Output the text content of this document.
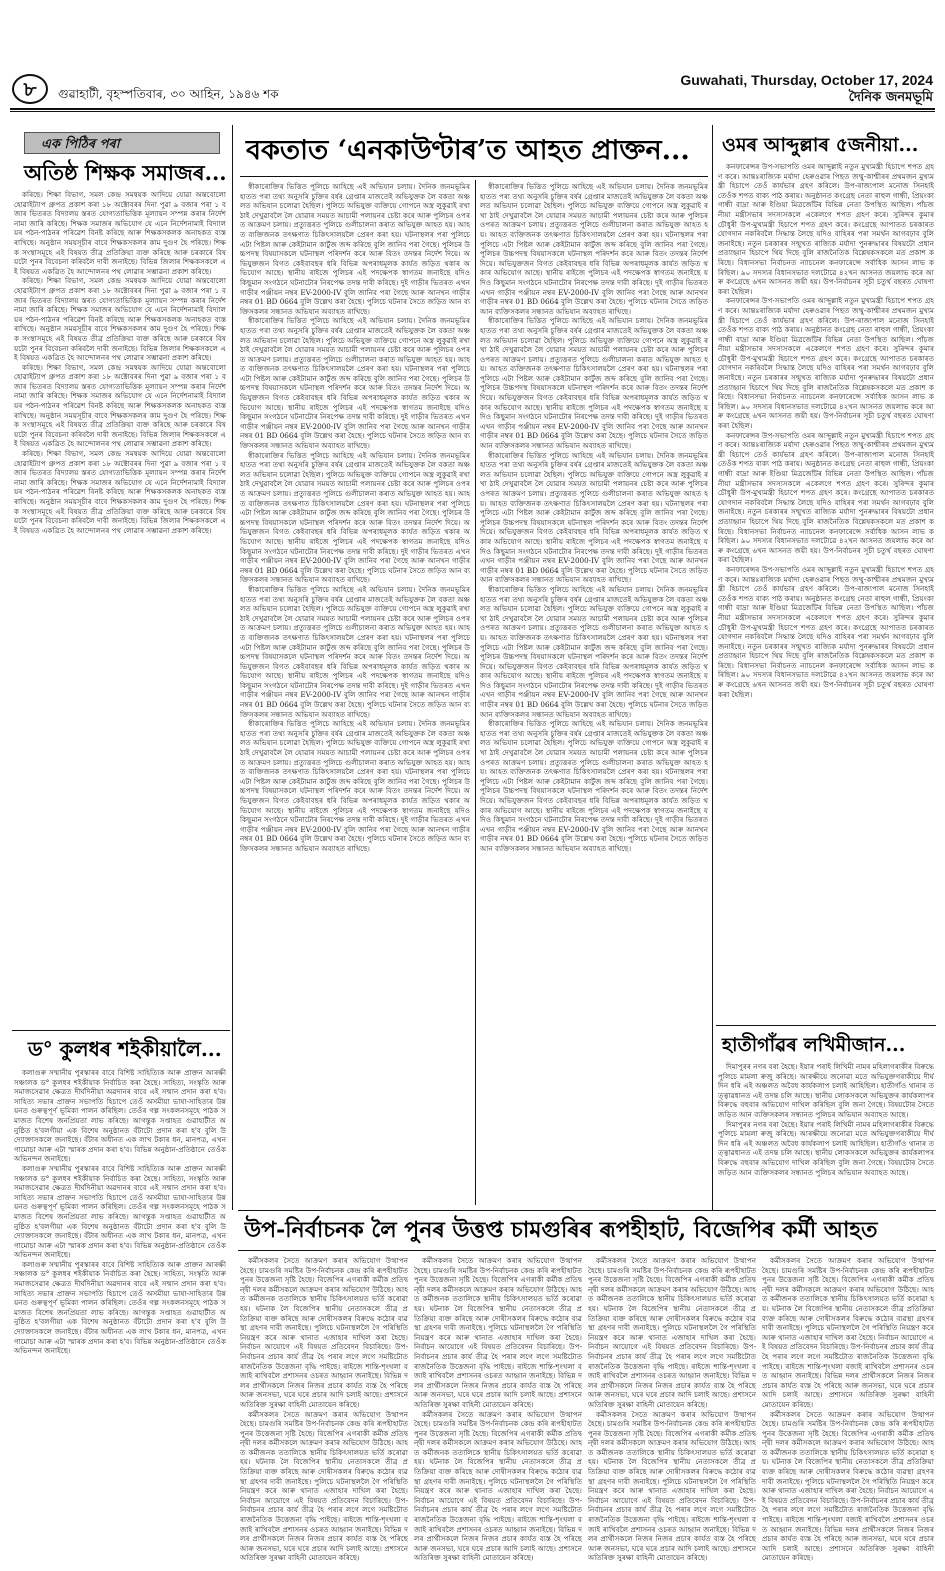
৮	গুৱাহাটী, বৃহস্পতিবাৰ, ৩০ আহিন, ১৯৪৬ শক
Guwahati, Thursday, October 17, 2024
দৈনিক জনমভূমি
এক পিঠিৰ পৰা
অতিষ্ঠ শিক্ষক সমাজৰ...

কৰিছে। শিক্ষা বিভাগ, সমল কেন্দ্ৰ সমন্বয়ক আদিয়ে যোৱা অন্তবোলো হোৱাইট্যাপ গ্ৰুপত প্ৰকাশ কৰা ১৮ অক্টোবৰৰ দিনা পুৱা ৯ বজাৰ পৰা ১ বজাৰ ভিতৰত বিদ্যালয় স্তৰত যোগ্যতাভিত্তিক মূল্যায়ন সম্পন্ন কৰাৰ নিৰ্দেশনামা জাৰি কৰিছে। শিক্ষক সমাজৰ অভিযোগ যে এনে নিৰ্দেশনামাই বিদ্যালয়ৰ পঠন-পাঠনৰ পৰিৱেশ বিনষ্ট কৰিছে আৰু শিক্ষকসকলক অনাহকত ব্যস্ত ৰাখিছে। অনুষ্ঠান সময়সূচীৰ বাবে শিক্ষকসকলৰ কাম দুগুণ হৈ পৰিছে। শিক্ষক সংস্থাসমূহে এই বিষয়ত তীব্ৰ প্ৰতিক্ৰিয়া ব্যক্ত কৰিছে আৰু চৰকাৰে বিষয়টো পুনৰ বিবেচনা কৰিবলৈ দাবী জনাইছে। বিভিন্ন জিলাৰ শিক্ষকসকলে এই বিষয়ত একত্ৰিত হৈ আন্দোলনৰ পথ লোৱাৰ সম্ভাৱনা প্ৰকাশ কৰিছে।

কৰিছে। শিক্ষা বিভাগ, সমল কেন্দ্ৰ সমন্বয়ক আদিয়ে যোৱা অন্তবোলো হোৱাইট্যাপ গ্ৰুপত প্ৰকাশ কৰা ১৮ অক্টোবৰৰ দিনা পুৱা ৯ বজাৰ পৰা ১ বজাৰ ভিতৰত বিদ্যালয় স্তৰত যোগ্যতাভিত্তিক মূল্যায়ন সম্পন্ন কৰাৰ নিৰ্দেশনামা জাৰি কৰিছে। শিক্ষক সমাজৰ অভিযোগ যে এনে নিৰ্দেশনামাই বিদ্যালয়ৰ পঠন-পাঠনৰ পৰিৱেশ বিনষ্ট কৰিছে আৰু শিক্ষকসকলক অনাহকত ব্যস্ত ৰাখিছে। অনুষ্ঠান সময়সূচীৰ বাবে শিক্ষকসকলৰ কাম দুগুণ হৈ পৰিছে। শিক্ষক সংস্থাসমূহে এই বিষয়ত তীব্ৰ প্ৰতিক্ৰিয়া ব্যক্ত কৰিছে আৰু চৰকাৰে বিষয়টো পুনৰ বিবেচনা কৰিবলৈ দাবী জনাইছে। বিভিন্ন জিলাৰ শিক্ষকসকলে এই বিষয়ত একত্ৰিত হৈ আন্দোলনৰ পথ লোৱাৰ সম্ভাৱনা প্ৰকাশ কৰিছে।

কৰিছে। শিক্ষা বিভাগ, সমল কেন্দ্ৰ সমন্বয়ক আদিয়ে যোৱা অন্তবোলো হোৱাইট্যাপ গ্ৰুপত প্ৰকাশ কৰা ১৮ অক্টোবৰৰ দিনা পুৱা ৯ বজাৰ পৰা ১ বজাৰ ভিতৰত বিদ্যালয় স্তৰত যোগ্যতাভিত্তিক মূল্যায়ন সম্পন্ন কৰাৰ নিৰ্দেশনামা জাৰি কৰিছে। শিক্ষক সমাজৰ অভিযোগ যে এনে নিৰ্দেশনামাই বিদ্যালয়ৰ পঠন-পাঠনৰ পৰিৱেশ বিনষ্ট কৰিছে আৰু শিক্ষকসকলক অনাহকত ব্যস্ত ৰাখিছে। অনুষ্ঠান সময়সূচীৰ বাবে শিক্ষকসকলৰ কাম দুগুণ হৈ পৰিছে। শিক্ষক সংস্থাসমূহে এই বিষয়ত তীব্ৰ প্ৰতিক্ৰিয়া ব্যক্ত কৰিছে আৰু চৰকাৰে বিষয়টো পুনৰ বিবেচনা কৰিবলৈ দাবী জনাইছে। বিভিন্ন জিলাৰ শিক্ষকসকলে এই বিষয়ত একত্ৰিত হৈ আন্দোলনৰ পথ লোৱাৰ সম্ভাৱনা প্ৰকাশ কৰিছে।

কৰিছে। শিক্ষা বিভাগ, সমল কেন্দ্ৰ সমন্বয়ক আদিয়ে যোৱা অন্তবোলো হোৱাইট্যাপ গ্ৰুপত প্ৰকাশ কৰা ১৮ অক্টোবৰৰ দিনা পুৱা ৯ বজাৰ পৰা ১ বজাৰ ভিতৰত বিদ্যালয় স্তৰত যোগ্যতাভিত্তিক মূল্যায়ন সম্পন্ন কৰাৰ নিৰ্দেশনামা জাৰি কৰিছে। শিক্ষক সমাজৰ অভিযোগ যে এনে নিৰ্দেশনামাই বিদ্যালয়ৰ পঠন-পাঠনৰ পৰিৱেশ বিনষ্ট কৰিছে আৰু শিক্ষকসকলক অনাহকত ব্যস্ত ৰাখিছে। অনুষ্ঠান সময়সূচীৰ বাবে শিক্ষকসকলৰ কাম দুগুণ হৈ পৰিছে। শিক্ষক সংস্থাসমূহে এই বিষয়ত তীব্ৰ প্ৰতিক্ৰিয়া ব্যক্ত কৰিছে আৰু চৰকাৰে বিষয়টো পুনৰ বিবেচনা কৰিবলৈ দাবী জনাইছে। বিভিন্ন জিলাৰ শিক্ষকসকলে এই বিষয়ত একত্ৰিত হৈ আন্দোলনৰ পথ লোৱাৰ সম্ভাৱনা প্ৰকাশ কৰিছে।

ড° কুলধৰ শইকীয়ালৈ...

কলাগুৰু সম্মানীয় পুৰস্কাৰৰ বাবে বিশিষ্ট সাহিত্যিক আৰু প্ৰাক্তন আৰক্ষী সঞ্চালক ড° কুলধৰ শইকীয়াক নিৰ্বাচিত কৰা হৈছে। সাহিত্য, সংস্কৃতি আৰু সমাজসেৱাৰ ক্ষেত্ৰত দীৰ্ঘদিনীয়া অৱদানৰ বাবে এই সন্মান প্ৰদান কৰা হ'ব। সাহিত্য সভাৰ প্ৰাক্তন সভাপতি হিচাপে তেওঁ অসমীয়া ভাষা-সাহিত্যৰ উন্নয়নত গুৰুত্বপূৰ্ণ ভূমিকা পালন কৰিছিল। তেওঁৰ গল্প সংকলনসমূহে পাঠক সমাজত বিশেষ জনপ্ৰিয়তা লাভ কৰিছে। আগন্তুক সপ্তাহত গুৱাহাটীত অনুষ্ঠিত হ'বলগীয়া এক বিশেষ অনুষ্ঠানত বঁটাটো প্ৰদান কৰা হ'ব বুলি উদ্যোক্তাসকলে জনাইছে। বঁটাৰ অধীনত এক লাখ টকাৰ ধন, মানপত্ৰ, এখন গামোচা আৰু এটা স্মাৰক প্ৰদান কৰা হ'ব। বিভিন্ন অনুষ্ঠান-প্ৰতিষ্ঠানে তেওঁক অভিনন্দন জনাইছে।

কলাগুৰু সম্মানীয় পুৰস্কাৰৰ বাবে বিশিষ্ট সাহিত্যিক আৰু প্ৰাক্তন আৰক্ষী সঞ্চালক ড° কুলধৰ শইকীয়াক নিৰ্বাচিত কৰা হৈছে। সাহিত্য, সংস্কৃতি আৰু সমাজসেৱাৰ ক্ষেত্ৰত দীৰ্ঘদিনীয়া অৱদানৰ বাবে এই সন্মান প্ৰদান কৰা হ'ব। সাহিত্য সভাৰ প্ৰাক্তন সভাপতি হিচাপে তেওঁ অসমীয়া ভাষা-সাহিত্যৰ উন্নয়নত গুৰুত্বপূৰ্ণ ভূমিকা পালন কৰিছিল। তেওঁৰ গল্প সংকলনসমূহে পাঠক সমাজত বিশেষ জনপ্ৰিয়তা লাভ কৰিছে। আগন্তুক সপ্তাহত গুৱাহাটীত অনুষ্ঠিত হ'বলগীয়া এক বিশেষ অনুষ্ঠানত বঁটাটো প্ৰদান কৰা হ'ব বুলি উদ্যোক্তাসকলে জনাইছে। বঁটাৰ অধীনত এক লাখ টকাৰ ধন, মানপত্ৰ, এখন গামোচা আৰু এটা স্মাৰক প্ৰদান কৰা হ'ব। বিভিন্ন অনুষ্ঠান-প্ৰতিষ্ঠানে তেওঁক অভিনন্দন জনাইছে।

কলাগুৰু সম্মানীয় পুৰস্কাৰৰ বাবে বিশিষ্ট সাহিত্যিক আৰু প্ৰাক্তন আৰক্ষী সঞ্চালক ড° কুলধৰ শইকীয়াক নিৰ্বাচিত কৰা হৈছে। সাহিত্য, সংস্কৃতি আৰু সমাজসেৱাৰ ক্ষেত্ৰত দীৰ্ঘদিনীয়া অৱদানৰ বাবে এই সন্মান প্ৰদান কৰা হ'ব। সাহিত্য সভাৰ প্ৰাক্তন সভাপতি হিচাপে তেওঁ অসমীয়া ভাষা-সাহিত্যৰ উন্নয়নত গুৰুত্বপূৰ্ণ ভূমিকা পালন কৰিছিল। তেওঁৰ গল্প সংকলনসমূহে পাঠক সমাজত বিশেষ জনপ্ৰিয়তা লাভ কৰিছে। আগন্তুক সপ্তাহত গুৱাহাটীত অনুষ্ঠিত হ'বলগীয়া এক বিশেষ অনুষ্ঠানত বঁটাটো প্ৰদান কৰা হ'ব বুলি উদ্যোক্তাসকলে জনাইছে। বঁটাৰ অধীনত এক লাখ টকাৰ ধন, মানপত্ৰ, এখন গামোচা আৰু এটা স্মাৰক প্ৰদান কৰা হ'ব। বিভিন্ন অনুষ্ঠান-প্ৰতিষ্ঠানে তেওঁক অভিনন্দন জনাইছে।

বকতাত ‘এনকাউণ্টাৰ’ত আহত প্ৰাক্তন...

স্বীকাৰোক্তিৰ ভিত্তিত পুলিচে আহিছে এই অভিযান চলায়। দৈনিক জনমভূমিৰ হাতত পৰা তথ্য অনুসৰি চুক্তিৰ বৰ্ষৰ গ্ৰেপ্তাৰ মাজতেই অভিযুক্তক লৈ বকতা অঞ্চলত অভিযান চলোৱা হৈছিল। পুলিচে অভিযুক্ত ব্যক্তিয়ে গোপনে অস্ত্ৰ লুকুৱাই ৰখা ঠাই দেখুৱাবলৈ লৈ যোৱাৰ সময়ত আচামী পলায়নৰ চেষ্টা কৰে আৰু পুলিচৰ ওপৰত আক্ৰমণ চলায়। প্ৰত্যুত্তৰত পুলিচে গুলীচালনা কৰাত অভিযুক্ত আহত হয়। আহত ব্যক্তিজনক তৎক্ষণাত চিকিৎসালয়লৈ প্ৰেৰণ কৰা হয়। ঘটনাস্থলৰ পৰা পুলিচে এটা পিষ্টল আৰু কেইটামান কাৰ্টুজ জব্দ কৰিছে বুলি জানিব পৰা গৈছে। পুলিচৰ উচ্চপদস্থ বিষয়াসকলে ঘটনাস্থল পৰিদৰ্শন কৰে আৰু বিতং তদন্তৰ নিৰ্দেশ দিয়ে। অভিযুক্তজন বিগত কেইবাবছৰ ধৰি বিভিন্ন অপৰাধমূলক কাৰ্যত জড়িত থকাৰ অভিযোগ আছে। স্থানীয় ৰাইজে পুলিচৰ এই পদক্ষেপক স্বাগতম জনাইছে যদিও কিছুমান সংগঠনে ঘটনাটোৰ নিৰপেক্ষ তদন্ত দাবী কৰিছে। দুই গাড়ীৰ ভিতৰত এখন গাড়ীৰ পঞ্জীয়ন নম্বৰ EV-2000-IV বুলি জানিব পৰা গৈছে আৰু আনখন গাড়ীৰ নম্বৰ 01 BD 0664 বুলি উল্লেখ কৰা হৈছে। পুলিচে ঘটনাৰ সৈতে জড়িত আন ব্যক্তিসকলৰ সন্ধানত অভিযান অব্যাহত ৰাখিছে।

স্বীকাৰোক্তিৰ ভিত্তিত পুলিচে আহিছে এই অভিযান চলায়। দৈনিক জনমভূমিৰ হাতত পৰা তথ্য অনুসৰি চুক্তিৰ বৰ্ষৰ গ্ৰেপ্তাৰ মাজতেই অভিযুক্তক লৈ বকতা অঞ্চলত অভিযান চলোৱা হৈছিল। পুলিচে অভিযুক্ত ব্যক্তিয়ে গোপনে অস্ত্ৰ লুকুৱাই ৰখা ঠাই দেখুৱাবলৈ লৈ যোৱাৰ সময়ত আচামী পলায়নৰ চেষ্টা কৰে আৰু পুলিচৰ ওপৰত আক্ৰমণ চলায়। প্ৰত্যুত্তৰত পুলিচে গুলীচালনা কৰাত অভিযুক্ত আহত হয়। আহত ব্যক্তিজনক তৎক্ষণাত চিকিৎসালয়লৈ প্ৰেৰণ কৰা হয়। ঘটনাস্থলৰ পৰা পুলিচে এটা পিষ্টল আৰু কেইটামান কাৰ্টুজ জব্দ কৰিছে বুলি জানিব পৰা গৈছে। পুলিচৰ উচ্চপদস্থ বিষয়াসকলে ঘটনাস্থল পৰিদৰ্শন কৰে আৰু বিতং তদন্তৰ নিৰ্দেশ দিয়ে। অভিযুক্তজন বিগত কেইবাবছৰ ধৰি বিভিন্ন অপৰাধমূলক কাৰ্যত জড়িত থকাৰ অভিযোগ আছে। স্থানীয় ৰাইজে পুলিচৰ এই পদক্ষেপক স্বাগতম জনাইছে যদিও কিছুমান সংগঠনে ঘটনাটোৰ নিৰপেক্ষ তদন্ত দাবী কৰিছে। দুই গাড়ীৰ ভিতৰত এখন গাড়ীৰ পঞ্জীয়ন নম্বৰ EV-2000-IV বুলি জানিব পৰা গৈছে আৰু আনখন গাড়ীৰ নম্বৰ 01 BD 0664 বুলি উল্লেখ কৰা হৈছে। পুলিচে ঘটনাৰ সৈতে জড়িত আন ব্যক্তিসকলৰ সন্ধানত অভিযান অব্যাহত ৰাখিছে।

স্বীকাৰোক্তিৰ ভিত্তিত পুলিচে আহিছে এই অভিযান চলায়। দৈনিক জনমভূমিৰ হাতত পৰা তথ্য অনুসৰি চুক্তিৰ বৰ্ষৰ গ্ৰেপ্তাৰ মাজতেই অভিযুক্তক লৈ বকতা অঞ্চলত অভিযান চলোৱা হৈছিল। পুলিচে অভিযুক্ত ব্যক্তিয়ে গোপনে অস্ত্ৰ লুকুৱাই ৰখা ঠাই দেখুৱাবলৈ লৈ যোৱাৰ সময়ত আচামী পলায়নৰ চেষ্টা কৰে আৰু পুলিচৰ ওপৰত আক্ৰমণ চলায়। প্ৰত্যুত্তৰত পুলিচে গুলীচালনা কৰাত অভিযুক্ত আহত হয়। আহত ব্যক্তিজনক তৎক্ষণাত চিকিৎসালয়লৈ প্ৰেৰণ কৰা হয়। ঘটনাস্থলৰ পৰা পুলিচে এটা পিষ্টল আৰু কেইটামান কাৰ্টুজ জব্দ কৰিছে বুলি জানিব পৰা গৈছে। পুলিচৰ উচ্চপদস্থ বিষয়াসকলে ঘটনাস্থল পৰিদৰ্শন কৰে আৰু বিতং তদন্তৰ নিৰ্দেশ দিয়ে। অভিযুক্তজন বিগত কেইবাবছৰ ধৰি বিভিন্ন অপৰাধমূলক কাৰ্যত জড়িত থকাৰ অভিযোগ আছে। স্থানীয় ৰাইজে পুলিচৰ এই পদক্ষেপক স্বাগতম জনাইছে যদিও কিছুমান সংগঠনে ঘটনাটোৰ নিৰপেক্ষ তদন্ত দাবী কৰিছে। দুই গাড়ীৰ ভিতৰত এখন গাড়ীৰ পঞ্জীয়ন নম্বৰ EV-2000-IV বুলি জানিব পৰা গৈছে আৰু আনখন গাড়ীৰ নম্বৰ 01 BD 0664 বুলি উল্লেখ কৰা হৈছে। পুলিচে ঘটনাৰ সৈতে জড়িত আন ব্যক্তিসকলৰ সন্ধানত অভিযান অব্যাহত ৰাখিছে।

স্বীকাৰোক্তিৰ ভিত্তিত পুলিচে আহিছে এই অভিযান চলায়। দৈনিক জনমভূমিৰ হাতত পৰা তথ্য অনুসৰি চুক্তিৰ বৰ্ষৰ গ্ৰেপ্তাৰ মাজতেই অভিযুক্তক লৈ বকতা অঞ্চলত অভিযান চলোৱা হৈছিল। পুলিচে অভিযুক্ত ব্যক্তিয়ে গোপনে অস্ত্ৰ লুকুৱাই ৰখা ঠাই দেখুৱাবলৈ লৈ যোৱাৰ সময়ত আচামী পলায়নৰ চেষ্টা কৰে আৰু পুলিচৰ ওপৰত আক্ৰমণ চলায়। প্ৰত্যুত্তৰত পুলিচে গুলীচালনা কৰাত অভিযুক্ত আহত হয়। আহত ব্যক্তিজনক তৎক্ষণাত চিকিৎসালয়লৈ প্ৰেৰণ কৰা হয়। ঘটনাস্থলৰ পৰা পুলিচে এটা পিষ্টল আৰু কেইটামান কাৰ্টুজ জব্দ কৰিছে বুলি জানিব পৰা গৈছে। পুলিচৰ উচ্চপদস্থ বিষয়াসকলে ঘটনাস্থল পৰিদৰ্শন কৰে আৰু বিতং তদন্তৰ নিৰ্দেশ দিয়ে। অভিযুক্তজন বিগত কেইবাবছৰ ধৰি বিভিন্ন অপৰাধমূলক কাৰ্যত জড়িত থকাৰ অভিযোগ আছে। স্থানীয় ৰাইজে পুলিচৰ এই পদক্ষেপক স্বাগতম জনাইছে যদিও কিছুমান সংগঠনে ঘটনাটোৰ নিৰপেক্ষ তদন্ত দাবী কৰিছে। দুই গাড়ীৰ ভিতৰত এখন গাড়ীৰ পঞ্জীয়ন নম্বৰ EV-2000-IV বুলি জানিব পৰা গৈছে আৰু আনখন গাড়ীৰ নম্বৰ 01 BD 0664 বুলি উল্লেখ কৰা হৈছে। পুলিচে ঘটনাৰ সৈতে জড়িত আন ব্যক্তিসকলৰ সন্ধানত অভিযান অব্যাহত ৰাখিছে।

স্বীকাৰোক্তিৰ ভিত্তিত পুলিচে আহিছে এই অভিযান চলায়। দৈনিক জনমভূমিৰ হাতত পৰা তথ্য অনুসৰি চুক্তিৰ বৰ্ষৰ গ্ৰেপ্তাৰ মাজতেই অভিযুক্তক লৈ বকতা অঞ্চলত অভিযান চলোৱা হৈছিল। পুলিচে অভিযুক্ত ব্যক্তিয়ে গোপনে অস্ত্ৰ লুকুৱাই ৰখা ঠাই দেখুৱাবলৈ লৈ যোৱাৰ সময়ত আচামী পলায়নৰ চেষ্টা কৰে আৰু পুলিচৰ ওপৰত আক্ৰমণ চলায়। প্ৰত্যুত্তৰত পুলিচে গুলীচালনা কৰাত অভিযুক্ত আহত হয়। আহত ব্যক্তিজনক তৎক্ষণাত চিকিৎসালয়লৈ প্ৰেৰণ কৰা হয়। ঘটনাস্থলৰ পৰা পুলিচে এটা পিষ্টল আৰু কেইটামান কাৰ্টুজ জব্দ কৰিছে বুলি জানিব পৰা গৈছে। পুলিচৰ উচ্চপদস্থ বিষয়াসকলে ঘটনাস্থল পৰিদৰ্শন কৰে আৰু বিতং তদন্তৰ নিৰ্দেশ দিয়ে। অভিযুক্তজন বিগত কেইবাবছৰ ধৰি বিভিন্ন অপৰাধমূলক কাৰ্যত জড়িত থকাৰ অভিযোগ আছে। স্থানীয় ৰাইজে পুলিচৰ এই পদক্ষেপক স্বাগতম জনাইছে যদিও কিছুমান সংগঠনে ঘটনাটোৰ নিৰপেক্ষ তদন্ত দাবী কৰিছে। দুই গাড়ীৰ ভিতৰত এখন গাড়ীৰ পঞ্জীয়ন নম্বৰ EV-2000-IV বুলি জানিব পৰা গৈছে আৰু আনখন গাড়ীৰ নম্বৰ 01 BD 0664 বুলি উল্লেখ কৰা হৈছে। পুলিচে ঘটনাৰ সৈতে জড়িত আন ব্যক্তিসকলৰ সন্ধানত অভিযান অব্যাহত ৰাখিছে।

স্বীকাৰোক্তিৰ ভিত্তিত পুলিচে আহিছে এই অভিযান চলায়। দৈনিক জনমভূমিৰ হাতত পৰা তথ্য অনুসৰি চুক্তিৰ বৰ্ষৰ গ্ৰেপ্তাৰ মাজতেই অভিযুক্তক লৈ বকতা অঞ্চলত অভিযান চলোৱা হৈছিল। পুলিচে অভিযুক্ত ব্যক্তিয়ে গোপনে অস্ত্ৰ লুকুৱাই ৰখা ঠাই দেখুৱাবলৈ লৈ যোৱাৰ সময়ত আচামী পলায়নৰ চেষ্টা কৰে আৰু পুলিচৰ ওপৰত আক্ৰমণ চলায়। প্ৰত্যুত্তৰত পুলিচে গুলীচালনা কৰাত অভিযুক্ত আহত হয়। আহত ব্যক্তিজনক তৎক্ষণাত চিকিৎসালয়লৈ প্ৰেৰণ কৰা হয়। ঘটনাস্থলৰ পৰা পুলিচে এটা পিষ্টল আৰু কেইটামান কাৰ্টুজ জব্দ কৰিছে বুলি জানিব পৰা গৈছে। পুলিচৰ উচ্চপদস্থ বিষয়াসকলে ঘটনাস্থল পৰিদৰ্শন কৰে আৰু বিতং তদন্তৰ নিৰ্দেশ দিয়ে। অভিযুক্তজন বিগত কেইবাবছৰ ধৰি বিভিন্ন অপৰাধমূলক কাৰ্যত জড়িত থকাৰ অভিযোগ আছে। স্থানীয় ৰাইজে পুলিচৰ এই পদক্ষেপক স্বাগতম জনাইছে যদিও কিছুমান সংগঠনে ঘটনাটোৰ নিৰপেক্ষ তদন্ত দাবী কৰিছে। দুই গাড়ীৰ ভিতৰত এখন গাড়ীৰ পঞ্জীয়ন নম্বৰ EV-2000-IV বুলি জানিব পৰা গৈছে আৰু আনখন গাড়ীৰ নম্বৰ 01 BD 0664 বুলি উল্লেখ কৰা হৈছে। পুলিচে ঘটনাৰ সৈতে জড়িত আন ব্যক্তিসকলৰ সন্ধানত অভিযান অব্যাহত ৰাখিছে।

স্বীকাৰোক্তিৰ ভিত্তিত পুলিচে আহিছে এই অভিযান চলায়। দৈনিক জনমভূমিৰ হাতত পৰা তথ্য অনুসৰি চুক্তিৰ বৰ্ষৰ গ্ৰেপ্তাৰ মাজতেই অভিযুক্তক লৈ বকতা অঞ্চলত অভিযান চলোৱা হৈছিল। পুলিচে অভিযুক্ত ব্যক্তিয়ে গোপনে অস্ত্ৰ লুকুৱাই ৰখা ঠাই দেখুৱাবলৈ লৈ যোৱাৰ সময়ত আচামী পলায়নৰ চেষ্টা কৰে আৰু পুলিচৰ ওপৰত আক্ৰমণ চলায়। প্ৰত্যুত্তৰত পুলিচে গুলীচালনা কৰাত অভিযুক্ত আহত হয়। আহত ব্যক্তিজনক তৎক্ষণাত চিকিৎসালয়লৈ প্ৰেৰণ কৰা হয়। ঘটনাস্থলৰ পৰা পুলিচে এটা পিষ্টল আৰু কেইটামান কাৰ্টুজ জব্দ কৰিছে বুলি জানিব পৰা গৈছে। পুলিচৰ উচ্চপদস্থ বিষয়াসকলে ঘটনাস্থল পৰিদৰ্শন কৰে আৰু বিতং তদন্তৰ নিৰ্দেশ দিয়ে। অভিযুক্তজন বিগত কেইবাবছৰ ধৰি বিভিন্ন অপৰাধমূলক কাৰ্যত জড়িত থকাৰ অভিযোগ আছে। স্থানীয় ৰাইজে পুলিচৰ এই পদক্ষেপক স্বাগতম জনাইছে যদিও কিছুমান সংগঠনে ঘটনাটোৰ নিৰপেক্ষ তদন্ত দাবী কৰিছে। দুই গাড়ীৰ ভিতৰত এখন গাড়ীৰ পঞ্জীয়ন নম্বৰ EV-2000-IV বুলি জানিব পৰা গৈছে আৰু আনখন গাড়ীৰ নম্বৰ 01 BD 0664 বুলি উল্লেখ কৰা হৈছে। পুলিচে ঘটনাৰ সৈতে জড়িত আন ব্যক্তিসকলৰ সন্ধানত অভিযান অব্যাহত ৰাখিছে।

স্বীকাৰোক্তিৰ ভিত্তিত পুলিচে আহিছে এই অভিযান চলায়। দৈনিক জনমভূমিৰ হাতত পৰা তথ্য অনুসৰি চুক্তিৰ বৰ্ষৰ গ্ৰেপ্তাৰ মাজতেই অভিযুক্তক লৈ বকতা অঞ্চলত অভিযান চলোৱা হৈছিল। পুলিচে অভিযুক্ত ব্যক্তিয়ে গোপনে অস্ত্ৰ লুকুৱাই ৰখা ঠাই দেখুৱাবলৈ লৈ যোৱাৰ সময়ত আচামী পলায়নৰ চেষ্টা কৰে আৰু পুলিচৰ ওপৰত আক্ৰমণ চলায়। প্ৰত্যুত্তৰত পুলিচে গুলীচালনা কৰাত অভিযুক্ত আহত হয়। আহত ব্যক্তিজনক তৎক্ষণাত চিকিৎসালয়লৈ প্ৰেৰণ কৰা হয়। ঘটনাস্থলৰ পৰা পুলিচে এটা পিষ্টল আৰু কেইটামান কাৰ্টুজ জব্দ কৰিছে বুলি জানিব পৰা গৈছে। পুলিচৰ উচ্চপদস্থ বিষয়াসকলে ঘটনাস্থল পৰিদৰ্শন কৰে আৰু বিতং তদন্তৰ নিৰ্দেশ দিয়ে। অভিযুক্তজন বিগত কেইবাবছৰ ধৰি বিভিন্ন অপৰাধমূলক কাৰ্যত জড়িত থকাৰ অভিযোগ আছে। স্থানীয় ৰাইজে পুলিচৰ এই পদক্ষেপক স্বাগতম জনাইছে যদিও কিছুমান সংগঠনে ঘটনাটোৰ নিৰপেক্ষ তদন্ত দাবী কৰিছে। দুই গাড়ীৰ ভিতৰত এখন গাড়ীৰ পঞ্জীয়ন নম্বৰ EV-2000-IV বুলি জানিব পৰা গৈছে আৰু আনখন গাড়ীৰ নম্বৰ 01 BD 0664 বুলি উল্লেখ কৰা হৈছে। পুলিচে ঘটনাৰ সৈতে জড়িত আন ব্যক্তিসকলৰ সন্ধানত অভিযান অব্যাহত ৰাখিছে।

স্বীকাৰোক্তিৰ ভিত্তিত পুলিচে আহিছে এই অভিযান চলায়। দৈনিক জনমভূমিৰ হাতত পৰা তথ্য অনুসৰি চুক্তিৰ বৰ্ষৰ গ্ৰেপ্তাৰ মাজতেই অভিযুক্তক লৈ বকতা অঞ্চলত অভিযান চলোৱা হৈছিল। পুলিচে অভিযুক্ত ব্যক্তিয়ে গোপনে অস্ত্ৰ লুকুৱাই ৰখা ঠাই দেখুৱাবলৈ লৈ যোৱাৰ সময়ত আচামী পলায়নৰ চেষ্টা কৰে আৰু পুলিচৰ ওপৰত আক্ৰমণ চলায়। প্ৰত্যুত্তৰত পুলিচে গুলীচালনা কৰাত অভিযুক্ত আহত হয়। আহত ব্যক্তিজনক তৎক্ষণাত চিকিৎসালয়লৈ প্ৰেৰণ কৰা হয়। ঘটনাস্থলৰ পৰা পুলিচে এটা পিষ্টল আৰু কেইটামান কাৰ্টুজ জব্দ কৰিছে বুলি জানিব পৰা গৈছে। পুলিচৰ উচ্চপদস্থ বিষয়াসকলে ঘটনাস্থল পৰিদৰ্শন কৰে আৰু বিতং তদন্তৰ নিৰ্দেশ দিয়ে। অভিযুক্তজন বিগত কেইবাবছৰ ধৰি বিভিন্ন অপৰাধমূলক কাৰ্যত জড়িত থকাৰ অভিযোগ আছে। স্থানীয় ৰাইজে পুলিচৰ এই পদক্ষেপক স্বাগতম জনাইছে যদিও কিছুমান সংগঠনে ঘটনাটোৰ নিৰপেক্ষ তদন্ত দাবী কৰিছে। দুই গাড়ীৰ ভিতৰত এখন গাড়ীৰ পঞ্জীয়ন নম্বৰ EV-2000-IV বুলি জানিব পৰা গৈছে আৰু আনখন গাড়ীৰ নম্বৰ 01 BD 0664 বুলি উল্লেখ কৰা হৈছে। পুলিচে ঘটনাৰ সৈতে জড়িত আন ব্যক্তিসকলৰ সন্ধানত অভিযান অব্যাহত ৰাখিছে।

স্বীকাৰোক্তিৰ ভিত্তিত পুলিচে আহিছে এই অভিযান চলায়। দৈনিক জনমভূমিৰ হাতত পৰা তথ্য অনুসৰি চুক্তিৰ বৰ্ষৰ গ্ৰেপ্তাৰ মাজতেই অভিযুক্তক লৈ বকতা অঞ্চলত অভিযান চলোৱা হৈছিল। পুলিচে অভিযুক্ত ব্যক্তিয়ে গোপনে অস্ত্ৰ লুকুৱাই ৰখা ঠাই দেখুৱাবলৈ লৈ যোৱাৰ সময়ত আচামী পলায়নৰ চেষ্টা কৰে আৰু পুলিচৰ ওপৰত আক্ৰমণ চলায়। প্ৰত্যুত্তৰত পুলিচে গুলীচালনা কৰাত অভিযুক্ত আহত হয়। আহত ব্যক্তিজনক তৎক্ষণাত চিকিৎসালয়লৈ প্ৰেৰণ কৰা হয়। ঘটনাস্থলৰ পৰা পুলিচে এটা পিষ্টল আৰু কেইটামান কাৰ্টুজ জব্দ কৰিছে বুলি জানিব পৰা গৈছে। পুলিচৰ উচ্চপদস্থ বিষয়াসকলে ঘটনাস্থল পৰিদৰ্শন কৰে আৰু বিতং তদন্তৰ নিৰ্দেশ দিয়ে। অভিযুক্তজন বিগত কেইবাবছৰ ধৰি বিভিন্ন অপৰাধমূলক কাৰ্যত জড়িত থকাৰ অভিযোগ আছে। স্থানীয় ৰাইজে পুলিচৰ এই পদক্ষেপক স্বাগতম জনাইছে যদিও কিছুমান সংগঠনে ঘটনাটোৰ নিৰপেক্ষ তদন্ত দাবী কৰিছে। দুই গাড়ীৰ ভিতৰত এখন গাড়ীৰ পঞ্জীয়ন নম্বৰ EV-2000-IV বুলি জানিব পৰা গৈছে আৰু আনখন গাড়ীৰ নম্বৰ 01 BD 0664 বুলি উল্লেখ কৰা হৈছে। পুলিচে ঘটনাৰ সৈতে জড়িত আন ব্যক্তিসকলৰ সন্ধানত অভিযান অব্যাহত ৰাখিছে।

ওমৰ আব্দুল্লাৰ ৫জনীয়া...

কনফাৰেন্সৰ উপ-সভাপতি ওমৰ আব্দুল্লাই নতুন মুখ্যমন্ত্ৰী হিচাপে শপত গ্ৰহণ কৰে। আন্তঃৰাজ্যিক মৰ্যাদা হেৰুওৱাৰ পিছত জম্মু-কাশ্মীৰৰ প্ৰথমজন মুখ্যমন্ত্ৰী হিচাপে তেওঁ কাৰ্যভাৰ গ্ৰহণ কৰিলে। উপ-ৰাজ্যপাল মনোজ সিনহাই তেওঁক শপত বাক্য পাঠ কৰায়। অনুষ্ঠানত কংগ্ৰেছ নেতা ৰাহুল গান্ধী, প্ৰিয়ংকা গান্ধী বাদ্ৰা আৰু ইণ্ডিয়া মিত্ৰজোঁটৰ বিভিন্ন নেতা উপস্থিত আছিল। পাঁচজনীয়া মন্ত্ৰীসভাৰ সদস্যসকলে একেলগে শপত গ্ৰহণ কৰে। সুৰিন্দৰ কুমাৰ চৌধুৰী উপ-মুখ্যমন্ত্ৰী হিচাপে শপত গ্ৰহণ কৰে। কংগ্ৰেছে আপাতত চৰকাৰত যোগদান নকৰিবলৈ সিদ্ধান্ত লৈছে যদিও বাহিৰৰ পৰা সমৰ্থন আগবঢ়াব বুলি জনাইছে। নতুন চৰকাৰৰ সন্মুখত ৰাজ্যিক মৰ্যাদা পুনৰুদ্ধাৰৰ বিষয়টো প্ৰধান প্ৰত্যাহ্বান হিচাপে থিয় দিছে বুলি ৰাজনৈতিক বিশ্লেষকসকলে মত প্ৰকাশ কৰিছে। বিধানসভা নিৰ্বাচনত ন্যাচনেল কনফাৰেন্সে সৰ্বাধিক আসন লাভ কৰিছিল। ৯০ সদস্যৰ বিধানসভাত দলটোৱে ৪২খন আসনত জয়লাভ কৰে আৰু কংগ্ৰেছে ৬খন আসনত জয়ী হয়। উপ-নিৰ্বাচনৰ সূচী চতুৰ্থ বছৰত ঘোষণা কৰা হৈছিল।

কনফাৰেন্সৰ উপ-সভাপতি ওমৰ আব্দুল্লাই নতুন মুখ্যমন্ত্ৰী হিচাপে শপত গ্ৰহণ কৰে। আন্তঃৰাজ্যিক মৰ্যাদা হেৰুওৱাৰ পিছত জম্মু-কাশ্মীৰৰ প্ৰথমজন মুখ্যমন্ত্ৰী হিচাপে তেওঁ কাৰ্যভাৰ গ্ৰহণ কৰিলে। উপ-ৰাজ্যপাল মনোজ সিনহাই তেওঁক শপত বাক্য পাঠ কৰায়। অনুষ্ঠানত কংগ্ৰেছ নেতা ৰাহুল গান্ধী, প্ৰিয়ংকা গান্ধী বাদ্ৰা আৰু ইণ্ডিয়া মিত্ৰজোঁটৰ বিভিন্ন নেতা উপস্থিত আছিল। পাঁচজনীয়া মন্ত্ৰীসভাৰ সদস্যসকলে একেলগে শপত গ্ৰহণ কৰে। সুৰিন্দৰ কুমাৰ চৌধুৰী উপ-মুখ্যমন্ত্ৰী হিচাপে শপত গ্ৰহণ কৰে। কংগ্ৰেছে আপাতত চৰকাৰত যোগদান নকৰিবলৈ সিদ্ধান্ত লৈছে যদিও বাহিৰৰ পৰা সমৰ্থন আগবঢ়াব বুলি জনাইছে। নতুন চৰকাৰৰ সন্মুখত ৰাজ্যিক মৰ্যাদা পুনৰুদ্ধাৰৰ বিষয়টো প্ৰধান প্ৰত্যাহ্বান হিচাপে থিয় দিছে বুলি ৰাজনৈতিক বিশ্লেষকসকলে মত প্ৰকাশ কৰিছে। বিধানসভা নিৰ্বাচনত ন্যাচনেল কনফাৰেন্সে সৰ্বাধিক আসন লাভ কৰিছিল। ৯০ সদস্যৰ বিধানসভাত দলটোৱে ৪২খন আসনত জয়লাভ কৰে আৰু কংগ্ৰেছে ৬খন আসনত জয়ী হয়। উপ-নিৰ্বাচনৰ সূচী চতুৰ্থ বছৰত ঘোষণা কৰা হৈছিল।

কনফাৰেন্সৰ উপ-সভাপতি ওমৰ আব্দুল্লাই নতুন মুখ্যমন্ত্ৰী হিচাপে শপত গ্ৰহণ কৰে। আন্তঃৰাজ্যিক মৰ্যাদা হেৰুওৱাৰ পিছত জম্মু-কাশ্মীৰৰ প্ৰথমজন মুখ্যমন্ত্ৰী হিচাপে তেওঁ কাৰ্যভাৰ গ্ৰহণ কৰিলে। উপ-ৰাজ্যপাল মনোজ সিনহাই তেওঁক শপত বাক্য পাঠ কৰায়। অনুষ্ঠানত কংগ্ৰেছ নেতা ৰাহুল গান্ধী, প্ৰিয়ংকা গান্ধী বাদ্ৰা আৰু ইণ্ডিয়া মিত্ৰজোঁটৰ বিভিন্ন নেতা উপস্থিত আছিল। পাঁচজনীয়া মন্ত্ৰীসভাৰ সদস্যসকলে একেলগে শপত গ্ৰহণ কৰে। সুৰিন্দৰ কুমাৰ চৌধুৰী উপ-মুখ্যমন্ত্ৰী হিচাপে শপত গ্ৰহণ কৰে। কংগ্ৰেছে আপাতত চৰকাৰত যোগদান নকৰিবলৈ সিদ্ধান্ত লৈছে যদিও বাহিৰৰ পৰা সমৰ্থন আগবঢ়াব বুলি জনাইছে। নতুন চৰকাৰৰ সন্মুখত ৰাজ্যিক মৰ্যাদা পুনৰুদ্ধাৰৰ বিষয়টো প্ৰধান প্ৰত্যাহ্বান হিচাপে থিয় দিছে বুলি ৰাজনৈতিক বিশ্লেষকসকলে মত প্ৰকাশ কৰিছে। বিধানসভা নিৰ্বাচনত ন্যাচনেল কনফাৰেন্সে সৰ্বাধিক আসন লাভ কৰিছিল। ৯০ সদস্যৰ বিধানসভাত দলটোৱে ৪২খন আসনত জয়লাভ কৰে আৰু কংগ্ৰেছে ৬খন আসনত জয়ী হয়। উপ-নিৰ্বাচনৰ সূচী চতুৰ্থ বছৰত ঘোষণা কৰা হৈছিল।

কনফাৰেন্সৰ উপ-সভাপতি ওমৰ আব্দুল্লাই নতুন মুখ্যমন্ত্ৰী হিচাপে শপত গ্ৰহণ কৰে। আন্তঃৰাজ্যিক মৰ্যাদা হেৰুওৱাৰ পিছত জম্মু-কাশ্মীৰৰ প্ৰথমজন মুখ্যমন্ত্ৰী হিচাপে তেওঁ কাৰ্যভাৰ গ্ৰহণ কৰিলে। উপ-ৰাজ্যপাল মনোজ সিনহাই তেওঁক শপত বাক্য পাঠ কৰায়। অনুষ্ঠানত কংগ্ৰেছ নেতা ৰাহুল গান্ধী, প্ৰিয়ংকা গান্ধী বাদ্ৰা আৰু ইণ্ডিয়া মিত্ৰজোঁটৰ বিভিন্ন নেতা উপস্থিত আছিল। পাঁচজনীয়া মন্ত্ৰীসভাৰ সদস্যসকলে একেলগে শপত গ্ৰহণ কৰে। সুৰিন্দৰ কুমাৰ চৌধুৰী উপ-মুখ্যমন্ত্ৰী হিচাপে শপত গ্ৰহণ কৰে। কংগ্ৰেছে আপাতত চৰকাৰত যোগদান নকৰিবলৈ সিদ্ধান্ত লৈছে যদিও বাহিৰৰ পৰা সমৰ্থন আগবঢ়াব বুলি জনাইছে। নতুন চৰকাৰৰ সন্মুখত ৰাজ্যিক মৰ্যাদা পুনৰুদ্ধাৰৰ বিষয়টো প্ৰধান প্ৰত্যাহ্বান হিচাপে থিয় দিছে বুলি ৰাজনৈতিক বিশ্লেষকসকলে মত প্ৰকাশ কৰিছে। বিধানসভা নিৰ্বাচনত ন্যাচনেল কনফাৰেন্সে সৰ্বাধিক আসন লাভ কৰিছিল। ৯০ সদস্যৰ বিধানসভাত দলটোৱে ৪২খন আসনত জয়লাভ কৰে আৰু কংগ্ৰেছে ৬খন আসনত জয়ী হয়। উপ-নিৰ্বাচনৰ সূচী চতুৰ্থ বছৰত ঘোষণা কৰা হৈছিল।

হাতীগাঁৱৰ লখিমীজান...

দিমাপুৰৰ নগৰ বৰা হৈছে। ইয়াৰ পৰাই লিখিমী নামৰ মহিলাগৰাকীৰ বিৰুদ্ধে পুলিচে মামলা ৰুজু কৰিছে। আৰক্ষীয়ে জনোৱা মতে অভিযুক্তগৰাকীয়ে দীৰ্ঘদিন ধৰি এই অঞ্চলত অবৈধ কাৰ্যকলাপ চলাই আহিছিল। হাতীগাঁও থানাৰ তত্ত্বাৱধানত এই তদন্ত চলি আছে। স্থানীয় লোকসকলে অভিযুক্তৰ কাৰ্যকলাপৰ বিৰুদ্ধে বহুবাৰ অভিযোগ দাখিল কৰিছিল বুলি জনা গৈছে। বিষয়টোৰ সৈতে জড়িত আন ব্যক্তিসকলৰ সন্ধানত পুলিচৰ অভিযান অব্যাহত আছে।

দিমাপুৰৰ নগৰ বৰা হৈছে। ইয়াৰ পৰাই লিখিমী নামৰ মহিলাগৰাকীৰ বিৰুদ্ধে পুলিচে মামলা ৰুজু কৰিছে। আৰক্ষীয়ে জনোৱা মতে অভিযুক্তগৰাকীয়ে দীৰ্ঘদিন ধৰি এই অঞ্চলত অবৈধ কাৰ্যকলাপ চলাই আহিছিল। হাতীগাঁও থানাৰ তত্ত্বাৱধানত এই তদন্ত চলি আছে। স্থানীয় লোকসকলে অভিযুক্তৰ কাৰ্যকলাপৰ বিৰুদ্ধে বহুবাৰ অভিযোগ দাখিল কৰিছিল বুলি জনা গৈছে। বিষয়টোৰ সৈতে জড়িত আন ব্যক্তিসকলৰ সন্ধানত পুলিচৰ অভিযান অব্যাহত আছে।

উপ-নিৰ্বাচনক লৈ পুনৰ উত্তপ্ত চামগুৰিৰ ৰূপহীহাট, বিজেপিৰ কৰ্মী আহত

কৰ্মীসকলৰ সৈতে আক্ৰমণ কৰাৰ অভিযোগ উত্থাপন হৈছে। চামগুৰি সমষ্টিৰ উপ-নিৰ্বাচনক কেন্দ্ৰ কৰি ৰূপহীহাটত পুনৰ উত্তেজনা সৃষ্টি হৈছে। বিজেপিৰ এগৰাকী কৰ্মীক প্ৰতিদ্বন্দ্বী দলৰ কৰ্মীসকলে আক্ৰমণ কৰাৰ অভিযোগ উঠিছে। আহত কৰ্মীজনক ততালিকে স্থানীয় চিকিৎসালয়ত ভৰ্তি কৰোৱা হয়। ঘটনাক লৈ বিজেপিৰ স্থানীয় নেতাসকলে তীব্ৰ প্ৰতিক্ৰিয়া ব্যক্ত কৰিছে আৰু দোষীসকলৰ বিৰুদ্ধে কঠোৰ ব্যৱস্থা গ্ৰহণৰ দাবী জনাইছে। পুলিচে ঘটনাস্থললৈ গৈ পৰিস্থিতি নিয়ন্ত্ৰণ কৰে আৰু থানাত এজাহাৰ দাখিল কৰা হৈছে। নিৰ্বাচন আয়োগে এই বিষয়ত প্ৰতিবেদন বিচাৰিছে। উপ-নিৰ্বাচনৰ প্ৰচাৰ কাৰ্য তীব্ৰ হৈ পৰাৰ লগে লগে সমষ্টিটোত ৰাজনৈতিক উত্তেজনা বৃদ্ধি পাইছে। ৰাইজে শান্তি-শৃংখলা বজাই ৰাখিবলৈ প্ৰশাসনৰ ওচৰত আহ্বান জনাইছে। বিভিন্ন দলৰ প্ৰাৰ্থীসকলে নিজৰ নিজৰ প্ৰচাৰ কাৰ্যত ব্যস্ত হৈ পৰিছে আৰু জনসভা, ঘৰে ঘৰে প্ৰচাৰ আদি চলাই আছে। প্ৰশাসনে অতিৰিক্ত সুৰক্ষা বাহিনী মোতায়েন কৰিছে।

কৰ্মীসকলৰ সৈতে আক্ৰমণ কৰাৰ অভিযোগ উত্থাপন হৈছে। চামগুৰি সমষ্টিৰ উপ-নিৰ্বাচনক কেন্দ্ৰ কৰি ৰূপহীহাটত পুনৰ উত্তেজনা সৃষ্টি হৈছে। বিজেপিৰ এগৰাকী কৰ্মীক প্ৰতিদ্বন্দ্বী দলৰ কৰ্মীসকলে আক্ৰমণ কৰাৰ অভিযোগ উঠিছে। আহত কৰ্মীজনক ততালিকে স্থানীয় চিকিৎসালয়ত ভৰ্তি কৰোৱা হয়। ঘটনাক লৈ বিজেপিৰ স্থানীয় নেতাসকলে তীব্ৰ প্ৰতিক্ৰিয়া ব্যক্ত কৰিছে আৰু দোষীসকলৰ বিৰুদ্ধে কঠোৰ ব্যৱস্থা গ্ৰহণৰ দাবী জনাইছে। পুলিচে ঘটনাস্থললৈ গৈ পৰিস্থিতি নিয়ন্ত্ৰণ কৰে আৰু থানাত এজাহাৰ দাখিল কৰা হৈছে। নিৰ্বাচন আয়োগে এই বিষয়ত প্ৰতিবেদন বিচাৰিছে। উপ-নিৰ্বাচনৰ প্ৰচাৰ কাৰ্য তীব্ৰ হৈ পৰাৰ লগে লগে সমষ্টিটোত ৰাজনৈতিক উত্তেজনা বৃদ্ধি পাইছে। ৰাইজে শান্তি-শৃংখলা বজাই ৰাখিবলৈ প্ৰশাসনৰ ওচৰত আহ্বান জনাইছে। বিভিন্ন দলৰ প্ৰাৰ্থীসকলে নিজৰ নিজৰ প্ৰচাৰ কাৰ্যত ব্যস্ত হৈ পৰিছে আৰু জনসভা, ঘৰে ঘৰে প্ৰচাৰ আদি চলাই আছে। প্ৰশাসনে অতিৰিক্ত সুৰক্ষা বাহিনী মোতায়েন কৰিছে।

কৰ্মীসকলৰ সৈতে আক্ৰমণ কৰাৰ অভিযোগ উত্থাপন হৈছে। চামগুৰি সমষ্টিৰ উপ-নিৰ্বাচনক কেন্দ্ৰ কৰি ৰূপহীহাটত পুনৰ উত্তেজনা সৃষ্টি হৈছে। বিজেপিৰ এগৰাকী কৰ্মীক প্ৰতিদ্বন্দ্বী দলৰ কৰ্মীসকলে আক্ৰমণ কৰাৰ অভিযোগ উঠিছে। আহত কৰ্মীজনক ততালিকে স্থানীয় চিকিৎসালয়ত ভৰ্তি কৰোৱা হয়। ঘটনাক লৈ বিজেপিৰ স্থানীয় নেতাসকলে তীব্ৰ প্ৰতিক্ৰিয়া ব্যক্ত কৰিছে আৰু দোষীসকলৰ বিৰুদ্ধে কঠোৰ ব্যৱস্থা গ্ৰহণৰ দাবী জনাইছে। পুলিচে ঘটনাস্থললৈ গৈ পৰিস্থিতি নিয়ন্ত্ৰণ কৰে আৰু থানাত এজাহাৰ দাখিল কৰা হৈছে। নিৰ্বাচন আয়োগে এই বিষয়ত প্ৰতিবেদন বিচাৰিছে। উপ-নিৰ্বাচনৰ প্ৰচাৰ কাৰ্য তীব্ৰ হৈ পৰাৰ লগে লগে সমষ্টিটোত ৰাজনৈতিক উত্তেজনা বৃদ্ধি পাইছে। ৰাইজে শান্তি-শৃংখলা বজাই ৰাখিবলৈ প্ৰশাসনৰ ওচৰত আহ্বান জনাইছে। বিভিন্ন দলৰ প্ৰাৰ্থীসকলে নিজৰ নিজৰ প্ৰচাৰ কাৰ্যত ব্যস্ত হৈ পৰিছে আৰু জনসভা, ঘৰে ঘৰে প্ৰচাৰ আদি চলাই আছে। প্ৰশাসনে অতিৰিক্ত সুৰক্ষা বাহিনী মোতায়েন কৰিছে।

কৰ্মীসকলৰ সৈতে আক্ৰমণ কৰাৰ অভিযোগ উত্থাপন হৈছে। চামগুৰি সমষ্টিৰ উপ-নিৰ্বাচনক কেন্দ্ৰ কৰি ৰূপহীহাটত পুনৰ উত্তেজনা সৃষ্টি হৈছে। বিজেপিৰ এগৰাকী কৰ্মীক প্ৰতিদ্বন্দ্বী দলৰ কৰ্মীসকলে আক্ৰমণ কৰাৰ অভিযোগ উঠিছে। আহত কৰ্মীজনক ততালিকে স্থানীয় চিকিৎসালয়ত ভৰ্তি কৰোৱা হয়। ঘটনাক লৈ বিজেপিৰ স্থানীয় নেতাসকলে তীব্ৰ প্ৰতিক্ৰিয়া ব্যক্ত কৰিছে আৰু দোষীসকলৰ বিৰুদ্ধে কঠোৰ ব্যৱস্থা গ্ৰহণৰ দাবী জনাইছে। পুলিচে ঘটনাস্থললৈ গৈ পৰিস্থিতি নিয়ন্ত্ৰণ কৰে আৰু থানাত এজাহাৰ দাখিল কৰা হৈছে। নিৰ্বাচন আয়োগে এই বিষয়ত প্ৰতিবেদন বিচাৰিছে। উপ-নিৰ্বাচনৰ প্ৰচাৰ কাৰ্য তীব্ৰ হৈ পৰাৰ লগে লগে সমষ্টিটোত ৰাজনৈতিক উত্তেজনা বৃদ্ধি পাইছে। ৰাইজে শান্তি-শৃংখলা বজাই ৰাখিবলৈ প্ৰশাসনৰ ওচৰত আহ্বান জনাইছে। বিভিন্ন দলৰ প্ৰাৰ্থীসকলে নিজৰ নিজৰ প্ৰচাৰ কাৰ্যত ব্যস্ত হৈ পৰিছে আৰু জনসভা, ঘৰে ঘৰে প্ৰচাৰ আদি চলাই আছে। প্ৰশাসনে অতিৰিক্ত সুৰক্ষা বাহিনী মোতায়েন কৰিছে।

কৰ্মীসকলৰ সৈতে আক্ৰমণ কৰাৰ অভিযোগ উত্থাপন হৈছে। চামগুৰি সমষ্টিৰ উপ-নিৰ্বাচনক কেন্দ্ৰ কৰি ৰূপহীহাটত পুনৰ উত্তেজনা সৃষ্টি হৈছে। বিজেপিৰ এগৰাকী কৰ্মীক প্ৰতিদ্বন্দ্বী দলৰ কৰ্মীসকলে আক্ৰমণ কৰাৰ অভিযোগ উঠিছে। আহত কৰ্মীজনক ততালিকে স্থানীয় চিকিৎসালয়ত ভৰ্তি কৰোৱা হয়। ঘটনাক লৈ বিজেপিৰ স্থানীয় নেতাসকলে তীব্ৰ প্ৰতিক্ৰিয়া ব্যক্ত কৰিছে আৰু দোষীসকলৰ বিৰুদ্ধে কঠোৰ ব্যৱস্থা গ্ৰহণৰ দাবী জনাইছে। পুলিচে ঘটনাস্থললৈ গৈ পৰিস্থিতি নিয়ন্ত্ৰণ কৰে আৰু থানাত এজাহাৰ দাখিল কৰা হৈছে। নিৰ্বাচন আয়োগে এই বিষয়ত প্ৰতিবেদন বিচাৰিছে। উপ-নিৰ্বাচনৰ প্ৰচাৰ কাৰ্য তীব্ৰ হৈ পৰাৰ লগে লগে সমষ্টিটোত ৰাজনৈতিক উত্তেজনা বৃদ্ধি পাইছে। ৰাইজে শান্তি-শৃংখলা বজাই ৰাখিবলৈ প্ৰশাসনৰ ওচৰত আহ্বান জনাইছে। বিভিন্ন দলৰ প্ৰাৰ্থীসকলে নিজৰ নিজৰ প্ৰচাৰ কাৰ্যত ব্যস্ত হৈ পৰিছে আৰু জনসভা, ঘৰে ঘৰে প্ৰচাৰ আদি চলাই আছে। প্ৰশাসনে অতিৰিক্ত সুৰক্ষা বাহিনী মোতায়েন কৰিছে।

কৰ্মীসকলৰ সৈতে আক্ৰমণ কৰাৰ অভিযোগ উত্থাপন হৈছে। চামগুৰি সমষ্টিৰ উপ-নিৰ্বাচনক কেন্দ্ৰ কৰি ৰূপহীহাটত পুনৰ উত্তেজনা সৃষ্টি হৈছে। বিজেপিৰ এগৰাকী কৰ্মীক প্ৰতিদ্বন্দ্বী দলৰ কৰ্মীসকলে আক্ৰমণ কৰাৰ অভিযোগ উঠিছে। আহত কৰ্মীজনক ততালিকে স্থানীয় চিকিৎসালয়ত ভৰ্তি কৰোৱা হয়। ঘটনাক লৈ বিজেপিৰ স্থানীয় নেতাসকলে তীব্ৰ প্ৰতিক্ৰিয়া ব্যক্ত কৰিছে আৰু দোষীসকলৰ বিৰুদ্ধে কঠোৰ ব্যৱস্থা গ্ৰহণৰ দাবী জনাইছে। পুলিচে ঘটনাস্থললৈ গৈ পৰিস্থিতি নিয়ন্ত্ৰণ কৰে আৰু থানাত এজাহাৰ দাখিল কৰা হৈছে। নিৰ্বাচন আয়োগে এই বিষয়ত প্ৰতিবেদন বিচাৰিছে। উপ-নিৰ্বাচনৰ প্ৰচাৰ কাৰ্য তীব্ৰ হৈ পৰাৰ লগে লগে সমষ্টিটোত ৰাজনৈতিক উত্তেজনা বৃদ্ধি পাইছে। ৰাইজে শান্তি-শৃংখলা বজাই ৰাখিবলৈ প্ৰশাসনৰ ওচৰত আহ্বান জনাইছে। বিভিন্ন দলৰ প্ৰাৰ্থীসকলে নিজৰ নিজৰ প্ৰচাৰ কাৰ্যত ব্যস্ত হৈ পৰিছে আৰু জনসভা, ঘৰে ঘৰে প্ৰচাৰ আদি চলাই আছে। প্ৰশাসনে অতিৰিক্ত সুৰক্ষা বাহিনী মোতায়েন কৰিছে।

কৰ্মীসকলৰ সৈতে আক্ৰমণ কৰাৰ অভিযোগ উত্থাপন হৈছে। চামগুৰি সমষ্টিৰ উপ-নিৰ্বাচনক কেন্দ্ৰ কৰি ৰূপহীহাটত পুনৰ উত্তেজনা সৃষ্টি হৈছে। বিজেপিৰ এগৰাকী কৰ্মীক প্ৰতিদ্বন্দ্বী দলৰ কৰ্মীসকলে আক্ৰমণ কৰাৰ অভিযোগ উঠিছে। আহত কৰ্মীজনক ততালিকে স্থানীয় চিকিৎসালয়ত ভৰ্তি কৰোৱা হয়। ঘটনাক লৈ বিজেপিৰ স্থানীয় নেতাসকলে তীব্ৰ প্ৰতিক্ৰিয়া ব্যক্ত কৰিছে আৰু দোষীসকলৰ বিৰুদ্ধে কঠোৰ ব্যৱস্থা গ্ৰহণৰ দাবী জনাইছে। পুলিচে ঘটনাস্থললৈ গৈ পৰিস্থিতি নিয়ন্ত্ৰণ কৰে আৰু থানাত এজাহাৰ দাখিল কৰা হৈছে। নিৰ্বাচন আয়োগে এই বিষয়ত প্ৰতিবেদন বিচাৰিছে। উপ-নিৰ্বাচনৰ প্ৰচাৰ কাৰ্য তীব্ৰ হৈ পৰাৰ লগে লগে সমষ্টিটোত ৰাজনৈতিক উত্তেজনা বৃদ্ধি পাইছে। ৰাইজে শান্তি-শৃংখলা বজাই ৰাখিবলৈ প্ৰশাসনৰ ওচৰত আহ্বান জনাইছে। বিভিন্ন দলৰ প্ৰাৰ্থীসকলে নিজৰ নিজৰ প্ৰচাৰ কাৰ্যত ব্যস্ত হৈ পৰিছে আৰু জনসভা, ঘৰে ঘৰে প্ৰচাৰ আদি চলাই আছে। প্ৰশাসনে অতিৰিক্ত সুৰক্ষা বাহিনী মোতায়েন কৰিছে।

কৰ্মীসকলৰ সৈতে আক্ৰমণ কৰাৰ অভিযোগ উত্থাপন হৈছে। চামগুৰি সমষ্টিৰ উপ-নিৰ্বাচনক কেন্দ্ৰ কৰি ৰূপহীহাটত পুনৰ উত্তেজনা সৃষ্টি হৈছে। বিজেপিৰ এগৰাকী কৰ্মীক প্ৰতিদ্বন্দ্বী দলৰ কৰ্মীসকলে আক্ৰমণ কৰাৰ অভিযোগ উঠিছে। আহত কৰ্মীজনক ততালিকে স্থানীয় চিকিৎসালয়ত ভৰ্তি কৰোৱা হয়। ঘটনাক লৈ বিজেপিৰ স্থানীয় নেতাসকলে তীব্ৰ প্ৰতিক্ৰিয়া ব্যক্ত কৰিছে আৰু দোষীসকলৰ বিৰুদ্ধে কঠোৰ ব্যৱস্থা গ্ৰহণৰ দাবী জনাইছে। পুলিচে ঘটনাস্থললৈ গৈ পৰিস্থিতি নিয়ন্ত্ৰণ কৰে আৰু থানাত এজাহাৰ দাখিল কৰা হৈছে। নিৰ্বাচন আয়োগে এই বিষয়ত প্ৰতিবেদন বিচাৰিছে। উপ-নিৰ্বাচনৰ প্ৰচাৰ কাৰ্য তীব্ৰ হৈ পৰাৰ লগে লগে সমষ্টিটোত ৰাজনৈতিক উত্তেজনা বৃদ্ধি পাইছে। ৰাইজে শান্তি-শৃংখলা বজাই ৰাখিবলৈ প্ৰশাসনৰ ওচৰত আহ্বান জনাইছে। বিভিন্ন দলৰ প্ৰাৰ্থীসকলে নিজৰ নিজৰ প্ৰচাৰ কাৰ্যত ব্যস্ত হৈ পৰিছে আৰু জনসভা, ঘৰে ঘৰে প্ৰচাৰ আদি চলাই আছে। প্ৰশাসনে অতিৰিক্ত সুৰক্ষা বাহিনী মোতায়েন কৰিছে।
